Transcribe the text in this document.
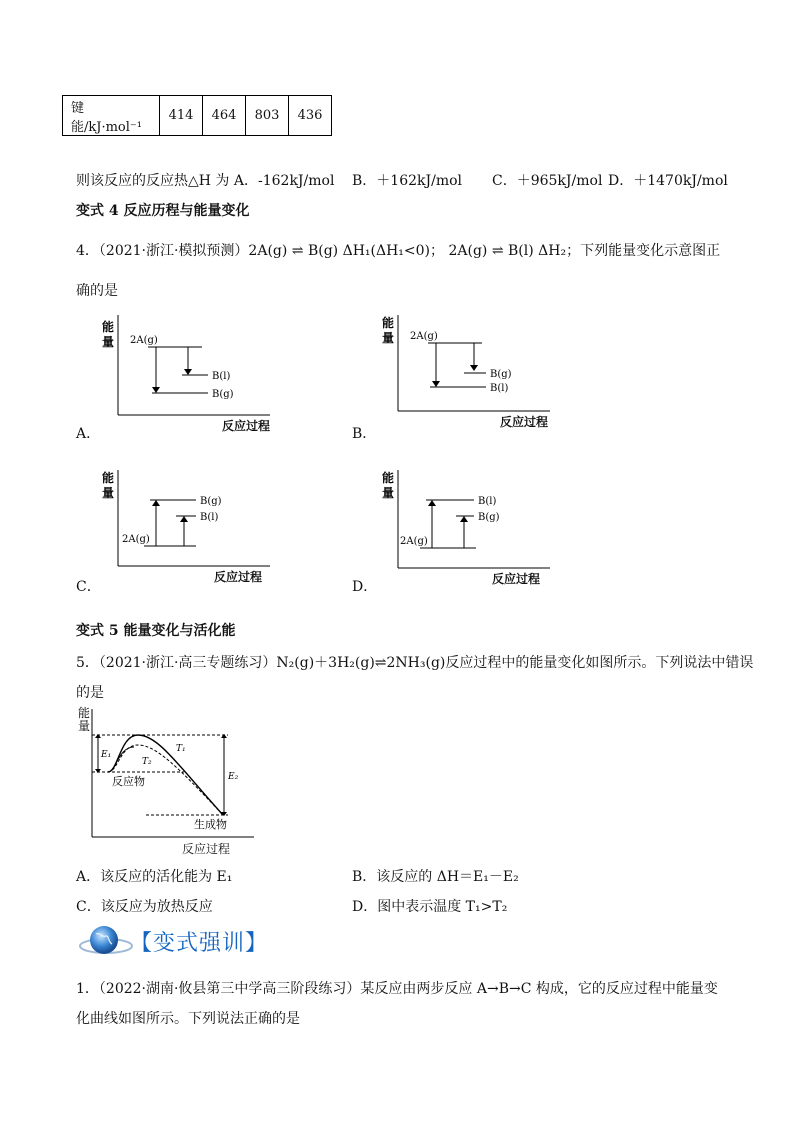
键能/kJ·mol⁻¹	414	464	803	436
则该反应的反应热△H 为 A．-162kJ/mol B．＋162kJ/mol C．＋965kJ/mol D．＋1470kJ/mol
变式 4 反应历程与能量变化
4．（2021·浙江·模拟预测）2A(g) ⇌ B(g) ΔH₁(ΔH₁<0)； 2A(g) ⇌ B(l) ΔH₂；下列能量变化示意图正
确的是
能
量 2A(g)
B(l)
B(g)
反应过程
A．
能
量 2A(g)
B(g)
B(l)
反应过程
B．
能
量
2A(g)
B(g)
B(l)
反应过程
C．
能
量
2A(g)
B(l)
B(g)
反应过程
D．
变式 5 能量变化与活化能
5．（2021·浙江·高三专题练习）N₂(g)＋3H₂(g)⇌2NH₃(g)反应过程中的能量变化如图所示。下列说法中错误
的是
能
量
E₁
E₂
T₁
T₂
反应物
生成物
反应过程
A．该反应的活化能为 E₁	B．该反应的 ΔH＝E₁－E₂
C．该反应为放热反应	D．图中表示温度 T₁>T₂
【变式强训】
1．（2022·湖南·攸县第三中学高三阶段练习）某反应由两步反应 A→B→C 构成，它的反应过程中能量变
化曲线如图所示。下列说法正确的是
